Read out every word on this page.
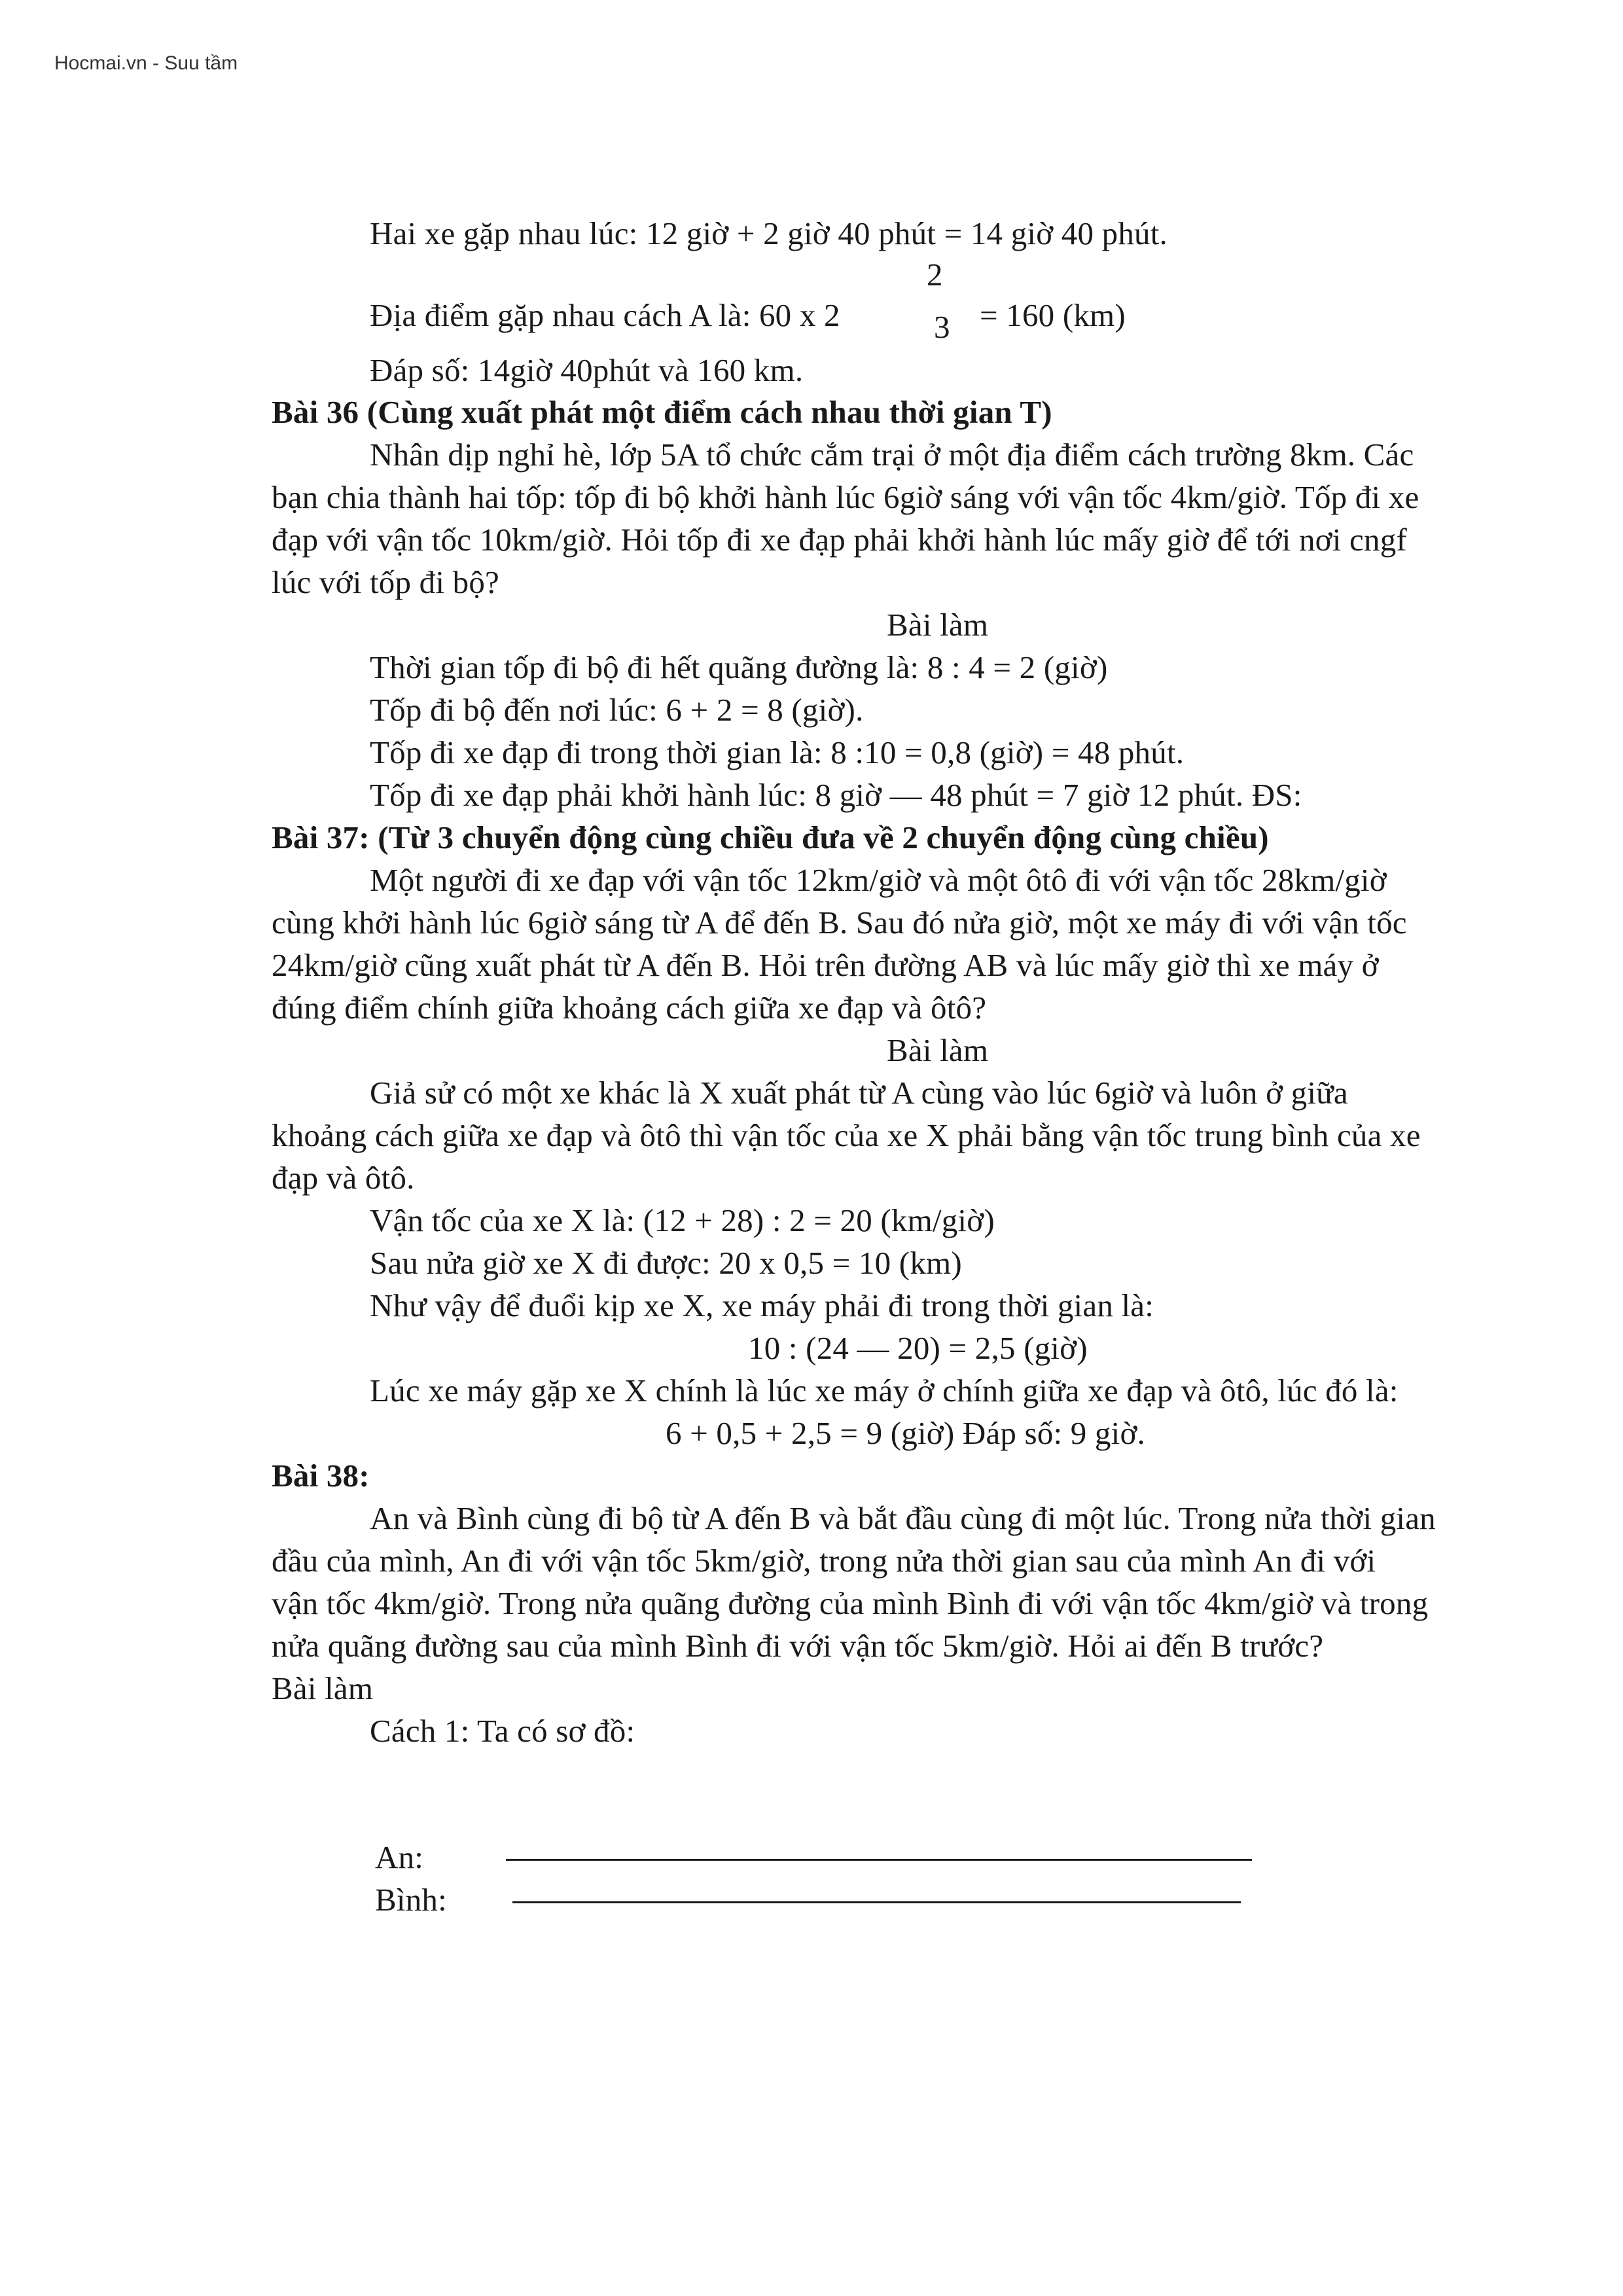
Hocmai.vn - Suu tầm
Hai xe gặp nhau lúc: 12 giờ + 2 giờ 40 phút = 14 giờ 40 phút.
2
Địa điểm gặp nhau cách A là: 60 x 2	3 = 160 (km)
Đáp số: 14giờ 40phút và 160 km.
Bài 36 (Cùng xuất phát một điểm cách nhau thời gian T)
Nhân dịp nghỉ hè, lớp 5A tổ chức cắm trại ở một địa điểm cách trường 8km. Các
bạn chia thành hai tốp: tốp đi bộ khởi hành lúc 6giờ sáng với vận tốc 4km/giờ. Tốp đi xe
đạp với vận tốc 10km/giờ. Hỏi tốp đi xe đạp phải khởi hành lúc mấy giờ để tới nơi cngf
lúc với tốp đi bộ?
Bài làm
Thời gian tốp đi bộ đi hết quãng đường là: 8 : 4 = 2 (giờ)
Tốp đi bộ đến nơi lúc: 6 + 2 = 8 (giờ).
Tốp đi xe đạp đi trong thời gian là: 8 :10 = 0,8 (giờ) = 48 phút.
Tốp đi xe đạp phải khởi hành lúc: 8 giờ — 48 phút = 7 giờ 12 phút. ĐS:
Bài 37: (Từ 3 chuyển động cùng chiều đưa về 2 chuyển động cùng chiều)
Một người đi xe đạp với vận tốc 12km/giờ và một ôtô đi với vận tốc 28km/giờ
cùng khởi hành lúc 6giờ sáng từ A để đến B. Sau đó nửa giờ, một xe máy đi với vận tốc
24km/giờ cũng xuất phát từ A đến B. Hỏi trên đường AB và lúc mấy giờ thì xe máy ở
đúng điểm chính giữa khoảng cách giữa xe đạp và ôtô?
Bài làm
Giả sử có một xe khác là X xuất phát từ A cùng vào lúc 6giờ và luôn ở giữa
khoảng cách giữa xe đạp và ôtô thì vận tốc của xe X phải bằng vận tốc trung bình của xe
đạp và ôtô.
Vận tốc của xe X là: (12 + 28) : 2 = 20 (km/giờ)
Sau nửa giờ xe X đi được: 20 x 0,5 = 10 (km)
Như vậy để đuổi kịp xe X, xe máy phải đi trong thời gian là:
10 : (24 — 20) = 2,5 (giờ)
Lúc xe máy gặp xe X chính là lúc xe máy ở chính giữa xe đạp và ôtô, lúc đó là:
6 + 0,5 + 2,5 = 9 (giờ) Đáp số: 9 giờ.
Bài 38:
An và Bình cùng đi bộ từ A đến B và bắt đầu cùng đi một lúc. Trong nửa thời gian
đầu của mình, An đi với vận tốc 5km/giờ, trong nửa thời gian sau của mình An đi với
vận tốc 4km/giờ. Trong nửa quãng đường của mình Bình đi với vận tốc 4km/giờ và trong
nửa quãng đường sau của mình Bình đi với vận tốc 5km/giờ. Hỏi ai đến B trước?
Bài làm
Cách 1: Ta có sơ đồ:
An:
Bình:
